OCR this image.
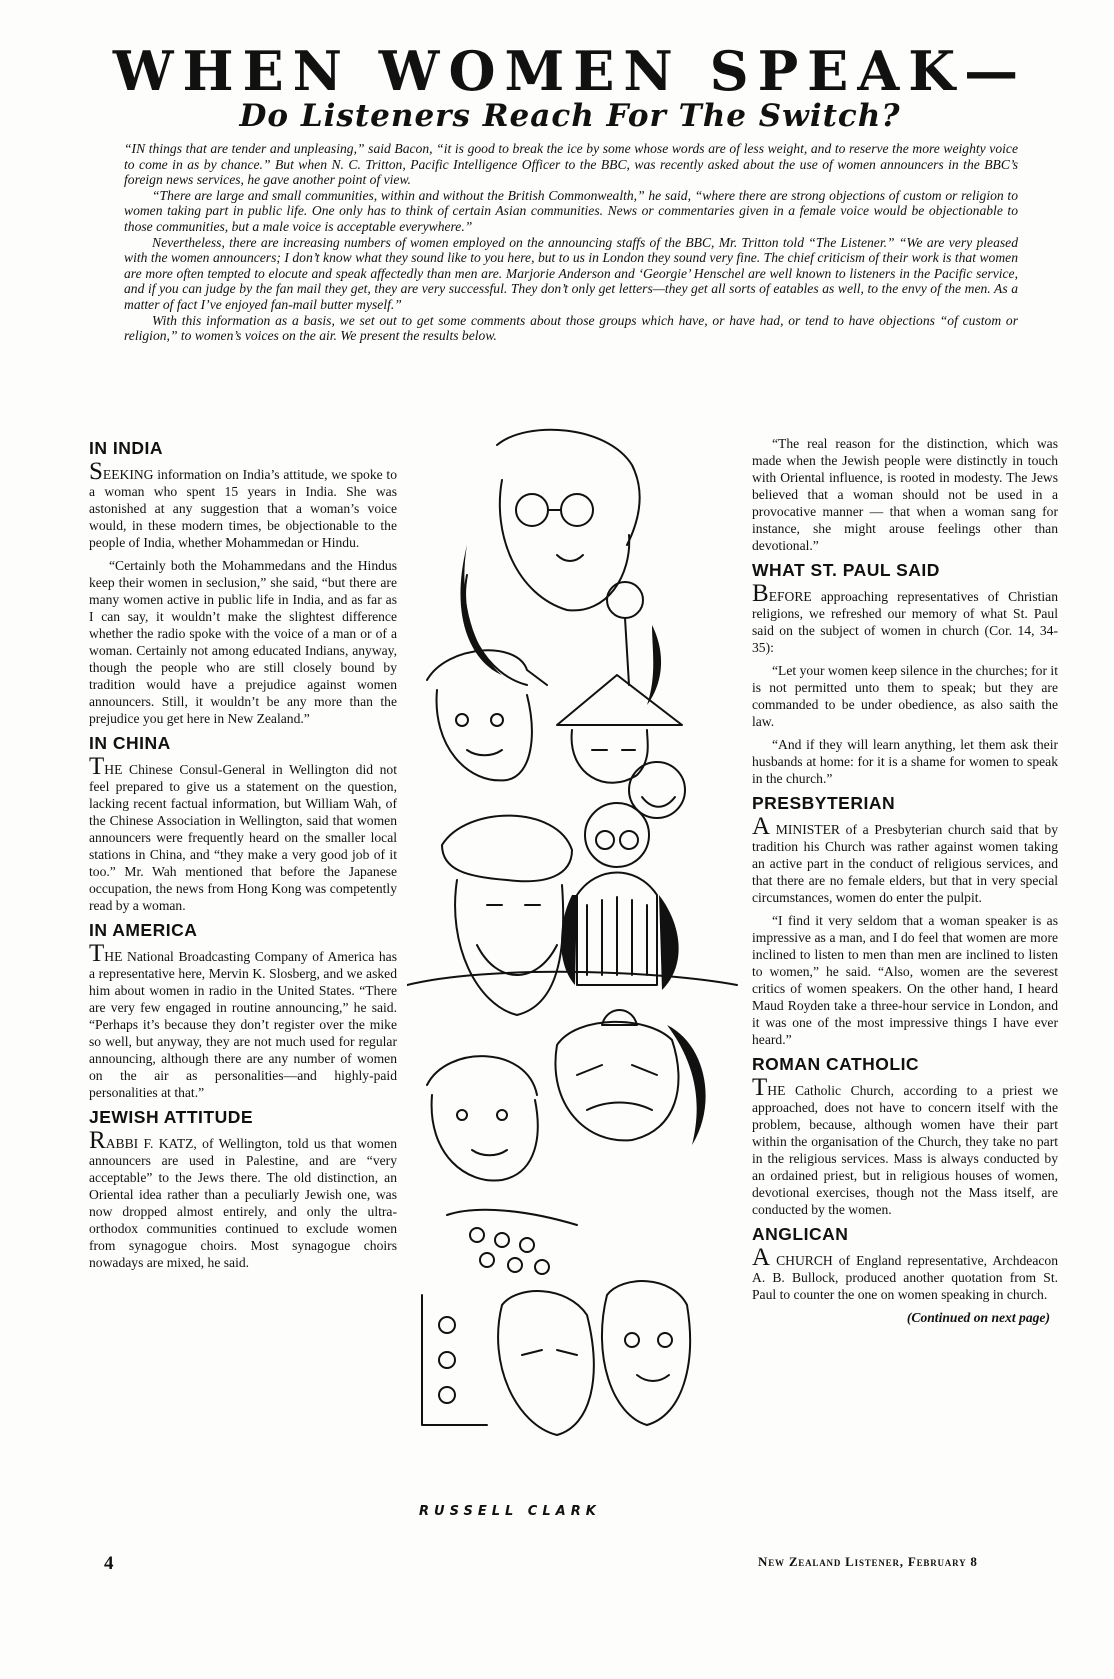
WHEN WOMEN SPEAK—
Do Listeners Reach For The Switch?

“IN things that are tender and unpleasing,” said Bacon, “it is good to break the ice by some whose words are of less weight, and to reserve the more weighty voice to come in as by chance.” But when N. C. Tritton, Pacific Intelligence Officer to the BBC, was recently asked about the use of women announcers in the BBC’s foreign news services, he gave another point of view.

“There are large and small communities, within and without the British Commonwealth,” he said, “where there are strong objections of custom or religion to women taking part in public life. One only has to think of certain Asian communities. News or commentaries given in a female voice would be objectionable to those communities, but a male voice is acceptable everywhere.”

Nevertheless, there are increasing numbers of women employed on the announcing staffs of the BBC, Mr. Tritton told “The Listener.” “We are very pleased with the women announcers; I don’t know what they sound like to you here, but to us in London they sound very fine. The chief criticism of their work is that women are more often tempted to elocute and speak affectedly than men are. Marjorie Anderson and ‘Georgie’ Henschel are well known to listeners in the Pacific service, and if you can judge by the fan mail they get, they are very successful. They don’t only get letters—they get all sorts of eatables as well, to the envy of the men. As a matter of fact I’ve enjoyed fan-mail butter myself.”

With this information as a basis, we set out to get some comments about those groups which have, or have had, or tend to have objections “of custom or religion,” to women’s voices on the air. We present the results below.

IN INDIA

SEEKING information on India’s attitude, we spoke to a woman who spent 15 years in India. She was astonished at any suggestion that a woman’s voice would, in these modern times, be objectionable to the people of India, whether Mohammedan or Hindu.

“Certainly both the Mohammedans and the Hindus keep their women in seclusion,” she said, “but there are many women active in public life in India, and as far as I can say, it wouldn’t make the slightest difference whether the radio spoke with the voice of a man or of a woman. Certainly not among educated Indians, anyway, though the people who are still closely bound by tradition would have a prejudice against women announcers. Still, it wouldn’t be any more than the prejudice you get here in New Zealand.”

IN CHINA

THE Chinese Consul-General in Wellington did not feel prepared to give us a statement on the question, lacking recent factual information, but William Wah, of the Chinese Association in Wellington, said that women announcers were frequently heard on the smaller local stations in China, and “they make a very good job of it too.” Mr. Wah mentioned that before the Japanese occupation, the news from Hong Kong was competently read by a woman.

IN AMERICA

THE National Broadcasting Company of America has a representative here, Mervin K. Slosberg, and we asked him about women in radio in the United States. “There are very few engaged in routine announcing,” he said. “Perhaps it’s because they don’t register over the mike so well, but anyway, they are not much used for regular announcing, although there are any number of women on the air as personalities—and highly-paid personalities at that.”

JEWISH ATTITUDE

RABBI F. KATZ, of Wellington, told us that women announcers are used in Palestine, and are “very acceptable” to the Jews there. The old distinction, an Oriental idea rather than a peculiarly Jewish one, was now dropped almost entirely, and only the ultra-orthodox communities continued to exclude women from synagogue choirs. Most synagogue choirs nowadays are mixed, he said.

RUSSELL CLARK

“The real reason for the distinction, which was made when the Jewish people were distinctly in touch with Oriental influence, is rooted in modesty. The Jews believed that a woman should not be used in a provocative manner — that when a woman sang for instance, she might arouse feelings other than devotional.”

WHAT ST. PAUL SAID

BEFORE approaching representatives of Christian religions, we refreshed our memory of what St. Paul said on the subject of women in church (Cor. 14, 34-35):

“Let your women keep silence in the churches; for it is not permitted unto them to speak; but they are commanded to be under obedience, as also saith the law.

“And if they will learn anything, let them ask their husbands at home: for it is a shame for women to speak in the church.”

PRESBYTERIAN

A MINISTER of a Presbyterian church said that by tradition his Church was rather against women taking an active part in the conduct of religious services, and that there are no female elders, but that in very special circumstances, women do enter the pulpit.

“I find it very seldom that a woman speaker is as impressive as a man, and I do feel that women are more inclined to listen to men than men are inclined to listen to women,” he said. “Also, women are the severest critics of women speakers. On the other hand, I heard Maud Royden take a three-hour service in London, and it was one of the most impressive things I have ever heard.”

ROMAN CATHOLIC

THE Catholic Church, according to a priest we approached, does not have to concern itself with the problem, because, although women have their part within the organisation of the Church, they take no part in the religious services. Mass is always conducted by an ordained priest, but in religious houses of women, devotional exercises, though not the Mass itself, are conducted by the women.

ANGLICAN

A CHURCH of England representative, Archdeacon A. B. Bullock, produced another quotation from St. Paul to counter the one on women speaking in church.

(Continued on next page)
4	New Zealand Listener, February 8
